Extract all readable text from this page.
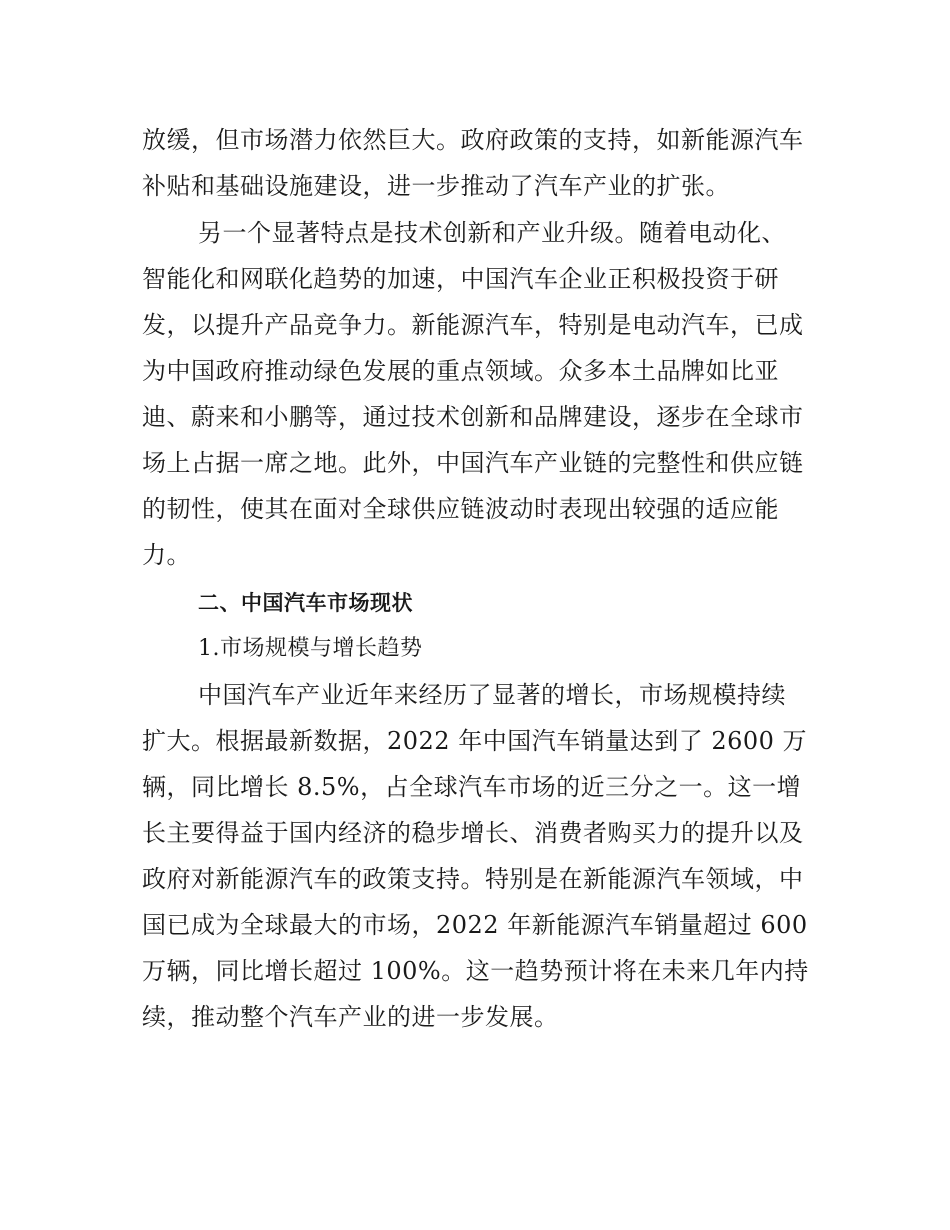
放缓，但市场潜力依然巨大。政府政策的支持，如新能源汽车

补贴和基础设施建设，进一步推动了汽车产业的扩张。

另一个显著特点是技术创新和产业升级。随着电动化、

智能化和网联化趋势的加速，中国汽车企业正积极投资于研

发，以提升产品竞争力。新能源汽车，特别是电动汽车，已成

为中国政府推动绿色发展的重点领域。众多本土品牌如比亚

迪、蔚来和小鹏等，通过技术创新和品牌建设，逐步在全球市

场上占据一席之地。此外，中国汽车产业链的完整性和供应链

的韧性，使其在面对全球供应链波动时表现出较强的适应能

力。

二、中国汽车市场现状

1.市场规模与增长趋势

中国汽车产业近年来经历了显著的增长，市场规模持续

扩大。根据最新数据，2022 年中国汽车销量达到了 2600 万

辆，同比增长 8.5%，占全球汽车市场的近三分之一。这一增

长主要得益于国内经济的稳步增长、消费者购买力的提升以及

政府对新能源汽车的政策支持。特别是在新能源汽车领域，中

国已成为全球最大的市场，2022 年新能源汽车销量超过 600

万辆，同比增长超过 100%。这一趋势预计将在未来几年内持

续，推动整个汽车产业的进一步发展。
